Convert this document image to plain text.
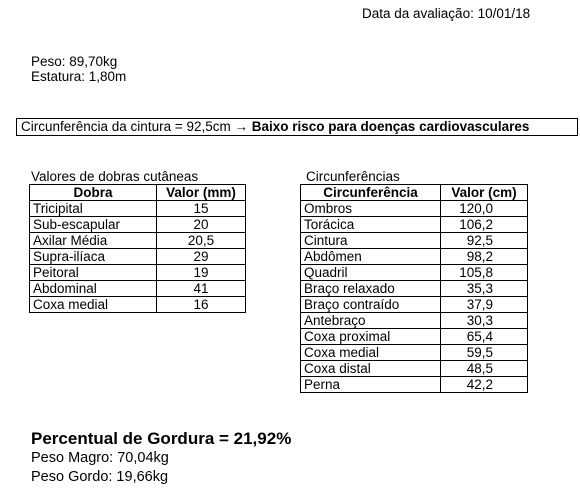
Data da avaliação: 10/01/18
Peso: 89,70kg
Estatura: 1,80m
Circunferência da cintura = 92,5cm → Baixo risco para doenças cardiovasculares
Valores de dobras cutâneas
Dobra	Valor (mm)
Tricipital	15
Sub-escapular	20
Axilar Média	20,5
Supra-ilíaca	29
Peitoral	19
Abdominal	41
Coxa medial	16
Circunferências
Circunferência	Valor (cm)
Ombros	120,0
Torácica	106,2
Cintura	92,5
Abdômen	98,2
Quadril	105,8
Braço relaxado	35,3
Braço contraído	37,9
Antebraço	30,3
Coxa proximal	65,4
Coxa medial	59,5
Coxa distal	48,5
Perna	42,2
Percentual de Gordura = 21,92%
Peso Magro: 70,04kg
Peso Gordo: 19,66kg
